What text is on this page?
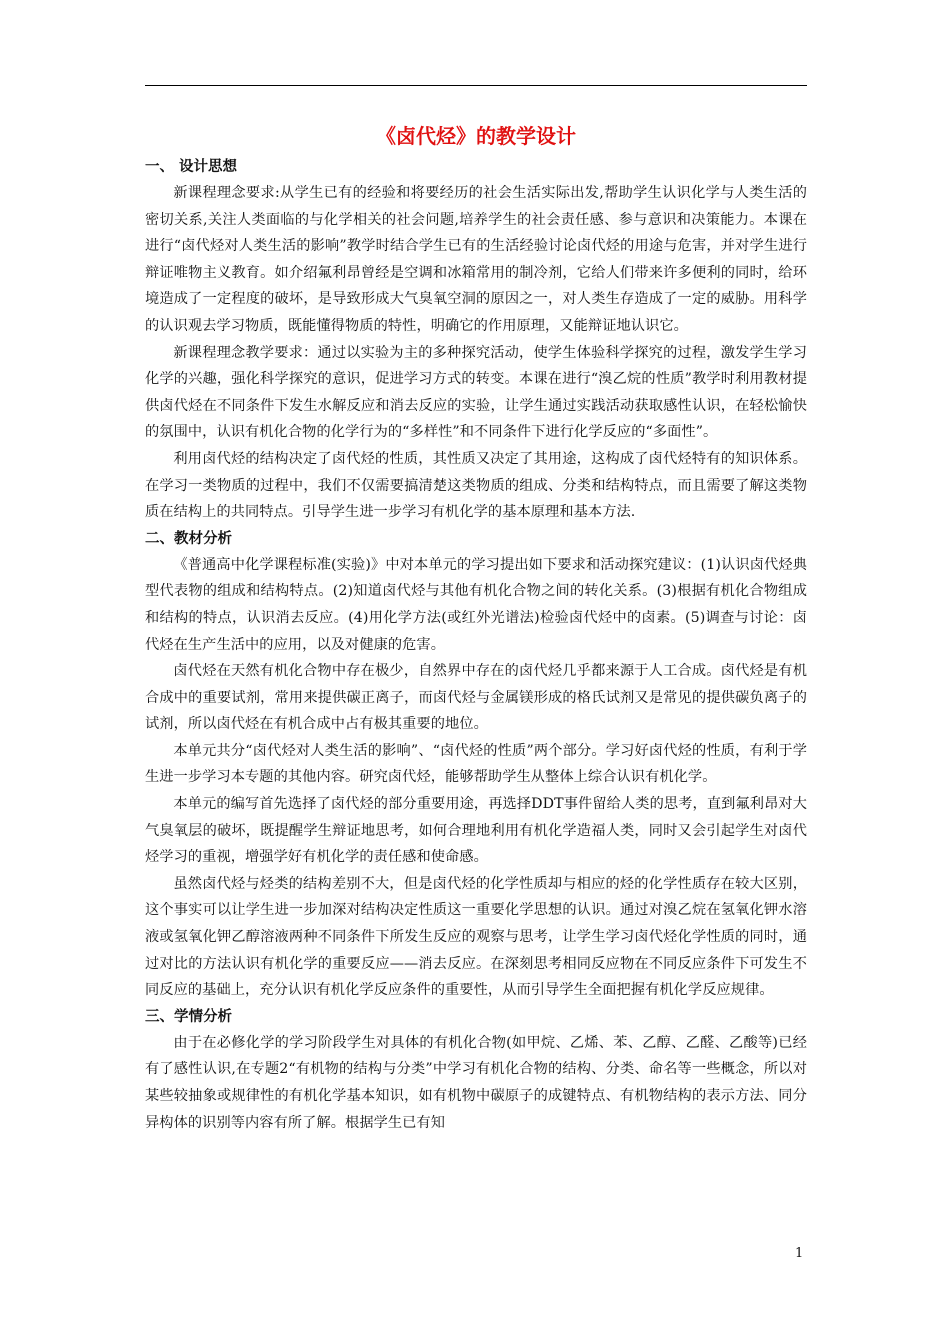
《卤代烃》的教学设计
一、 设计思想

新课程理念要求:从学生已有的经验和将要经历的社会生活实际出发,帮助学生认识化学与人类生活的密切关系,关注人类面临的与化学相关的社会问题,培养学生的社会责任感、参与意识和决策能力。本课在进行“卤代烃对人类生活的影响”教学时结合学生已有的生活经验讨论卤代烃的用途与危害，并对学生进行辩证唯物主义教育。如介绍氟利昂曾经是空调和冰箱常用的制冷剂，它给人们带来许多便利的同时，给环境造成了一定程度的破坏，是导致形成大气臭氧空洞的原因之一，对人类生存造成了一定的威胁。用科学的认识观去学习物质，既能懂得物质的特性，明确它的作用原理，又能辩证地认识它。

新课程理念教学要求：通过以实验为主的多种探究活动，使学生体验科学探究的过程，激发学生学习化学的兴趣，强化科学探究的意识，促进学习方式的转变。本课在进行“溴乙烷的性质”教学时利用教材提供卤代烃在不同条件下发生水解反应和消去反应的实验，让学生通过实践活动获取感性认识，在轻松愉快的氛围中，认识有机化合物的化学行为的“多样性”和不同条件下进行化学反应的“多面性”。

利用卤代烃的结构决定了卤代烃的性质，其性质又决定了其用途，这构成了卤代烃特有的知识体系。在学习一类物质的过程中，我们不仅需要搞清楚这类物质的组成、分类和结构特点，而且需要了解这类物质在结构上的共同特点。引导学生进一步学习有机化学的基本原理和基本方法.

二、教材分析

《普通高中化学课程标准(实验)》中对本单元的学习提出如下要求和活动探究建议：(1)认识卤代烃典型代表物的组成和结构特点。(2)知道卤代烃与其他有机化合物之间的转化关系。(3)根据有机化合物组成和结构的特点，认识消去反应。(4)用化学方法(或红外光谱法)检验卤代烃中的卤素。(5)调查与讨论：卤代烃在生产生活中的应用，以及对健康的危害。

卤代烃在天然有机化合物中存在极少，自然界中存在的卤代烃几乎都来源于人工合成。卤代烃是有机合成中的重要试剂，常用来提供碳正离子，而卤代烃与金属镁形成的格氏试剂又是常见的提供碳负离子的试剂，所以卤代烃在有机合成中占有极其重要的地位。

本单元共分“卤代烃对人类生活的影响”、“卤代烃的性质”两个部分。学习好卤代烃的性质，有利于学生进一步学习本专题的其他内容。研究卤代烃，能够帮助学生从整体上综合认识有机化学。

本单元的编写首先选择了卤代烃的部分重要用途，再选择DDT事件留给人类的思考，直到氟利昂对大气臭氧层的破坏，既提醒学生辩证地思考，如何合理地利用有机化学造福人类，同时又会引起学生对卤代烃学习的重视，增强学好有机化学的责任感和使命感。

虽然卤代烃与烃类的结构差别不大，但是卤代烃的化学性质却与相应的烃的化学性质存在较大区别，这个事实可以让学生进一步加深对结构决定性质这一重要化学思想的认识。通过对溴乙烷在氢氧化钾水溶液或氢氧化钾乙醇溶液两种不同条件下所发生反应的观察与思考，让学生学习卤代烃化学性质的同时，通过对比的方法认识有机化学的重要反应——消去反应。在深刻思考相同反应物在不同反应条件下可发生不同反应的基础上，充分认识有机化学反应条件的重要性，从而引导学生全面把握有机化学反应规律。

三、学情分析

由于在必修化学的学习阶段学生对具体的有机化合物(如甲烷、乙烯、苯、乙醇、乙醛、乙酸等)已经有了感性认识,在专题2“有机物的结构与分类”中学习有机化合物的结构、分类、命名等一些概念，所以对某些较抽象或规律性的有机化学基本知识，如有机物中碳原子的成键特点、有机物结构的表示方法、同分异构体的识别等内容有所了解。根据学生已有知

1
